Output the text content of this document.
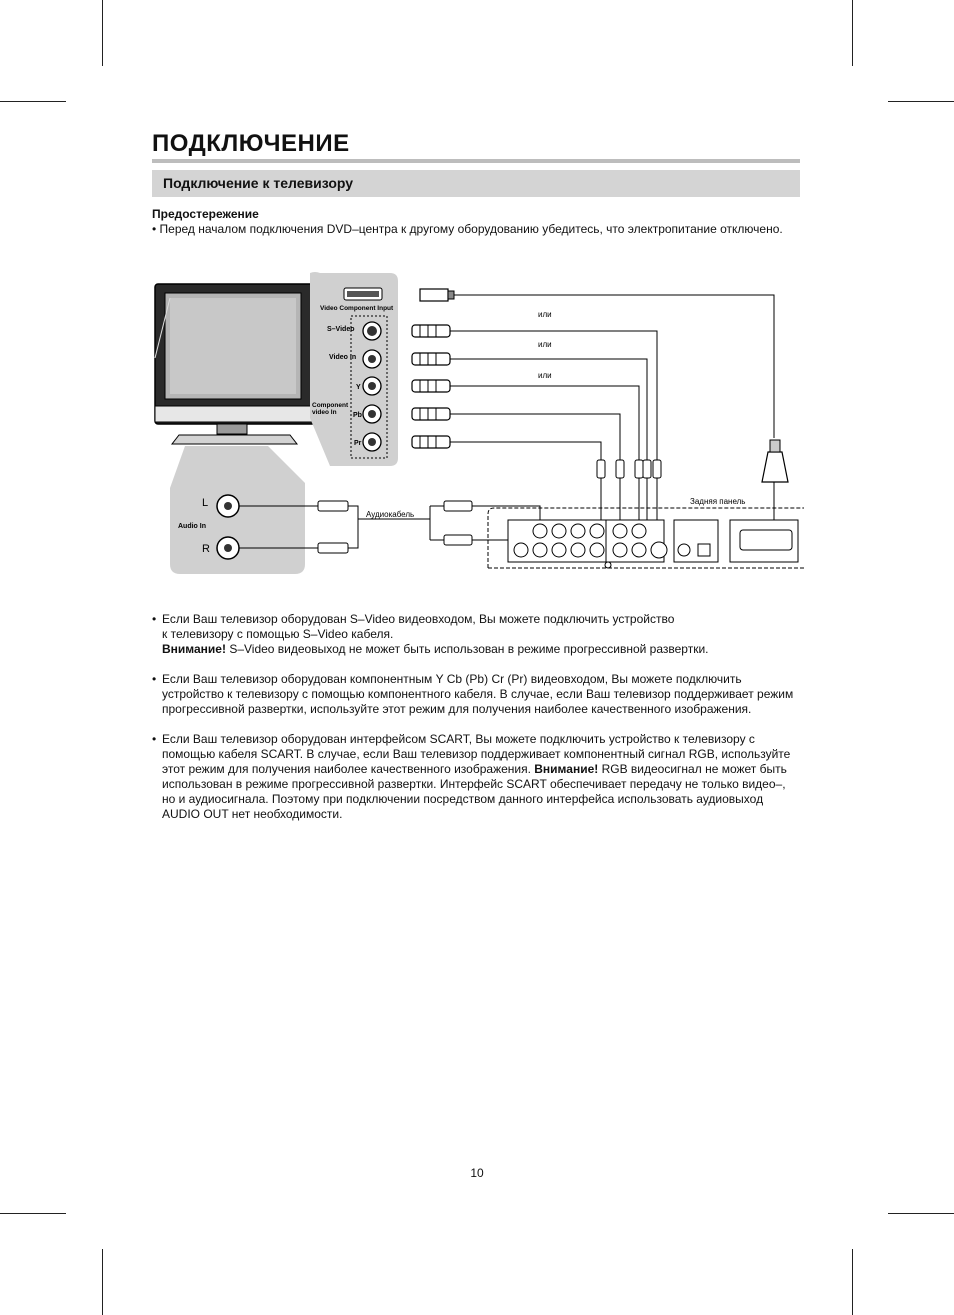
ПОДКЛЮЧЕНИЕ
Подключение к телевизору
Предостережение
• Перед началом подключения DVD–центра к другому оборудованию убедитесь, что электропитание отключено.
Video Component Input
S–Video
Video In
Y
Pb
Pr
Component
video In
или
или
или
L
R
Audio In
Аудиокабель
Задняя панель
• Если Ваш телевизор оборудован S–Video видеовходом, Вы можете подключить устройство

к телевизору с помощью S–Video кабеля.

Внимание! S–Video видеовыход не может быть использован в режиме прогрессивной развертки.

• Если Ваш телевизор оборудован компонентным Y Cb (Pb) Cr (Pr) видеовходом, Вы можете подключить устройство к телевизору с помощью компонентного кабеля. В случае, если Ваш телевизор поддерживает режим прогрессивной развертки, используйте этот режим для получения наиболее качественного изображения.

• Если Ваш телевизор оборудован интерфейсом SCART, Вы можете подключить устройство к телевизору с помощью кабеля SCART. В случае, если Ваш телевизор поддерживает компонентный сигнал RGB, используйте этот режим для получения наиболее качественного изображения. Внимание! RGB видеосигнал не может быть использован в режиме прогрессивной развертки. Интерфейс SCART обеспечивает передачу не только видео–, но и аудиосигнала. Поэтому при подключении посредством данного интерфейса использовать аудиовыход AUDIO OUT нет необходимости.

10
